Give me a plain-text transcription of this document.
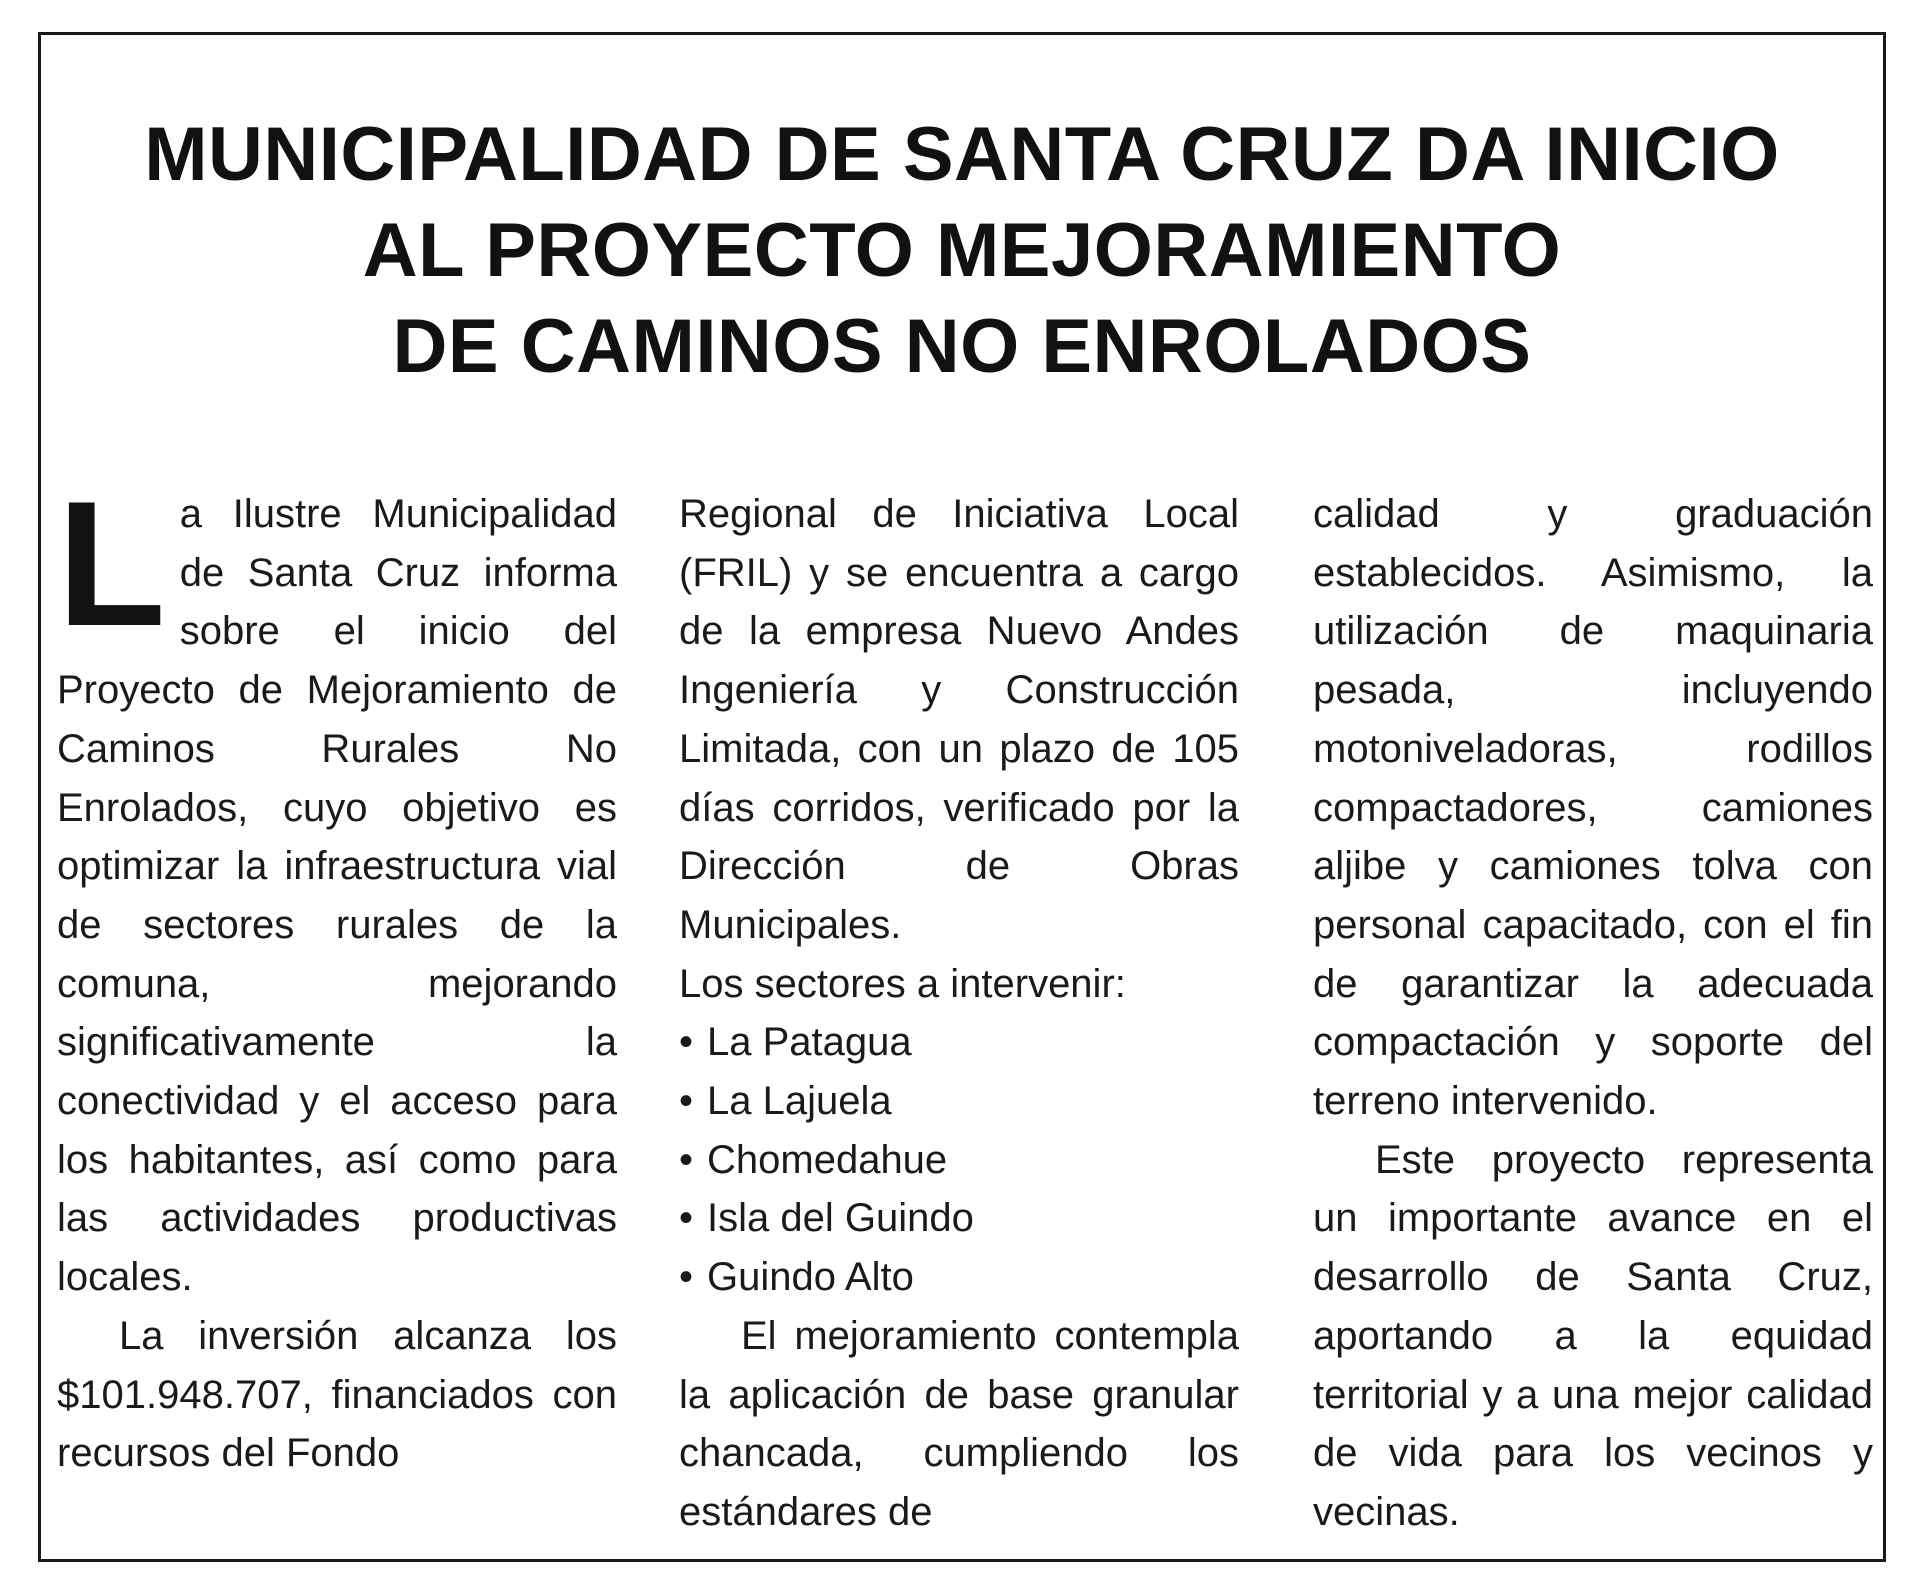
MUNICIPALIDAD DE SANTA CRUZ DA INICIO
AL PROYECTO MEJORAMIENTO
DE CAMINOS NO ENROLADOS

La Ilustre Municipalidad de Santa Cruz informa sobre el inicio del Proyecto de Mejoramiento de Caminos Rurales No Enrolados, cuyo objetivo es optimizar la infraestructura vial de sectores rurales de la comuna, mejorando significativamente la conectividad y el acceso para los habitantes, así como para las actividades productivas locales.

La inversión alcanza los $101.948.707, financiados con recursos del Fondo

Regional de Iniciativa Local (FRIL) y se encuentra a cargo de la empresa Nuevo Andes Ingeniería y Construcción Limitada, con un plazo de 105 días corridos, verificado por la Dirección de Obras Municipales.

Los sectores a intervenir:

• La Patagua
• La Lajuela
• Chomedahue
• Isla del Guindo
• Guindo Alto

El mejoramiento contempla la aplicación de base granular chancada, cumpliendo los estándares de

calidad y graduación establecidos. Asimismo, la utilización de maquinaria pesada, incluyendo motoniveladoras, rodillos compactadores, camiones aljibe y camiones tolva con personal capacitado, con el fin de garantizar la adecuada compactación y soporte del terreno intervenido.

Este proyecto representa un importante avance en el desarrollo de Santa Cruz, aportando a la equidad territorial y a una mejor calidad de vida para los vecinos y vecinas.
